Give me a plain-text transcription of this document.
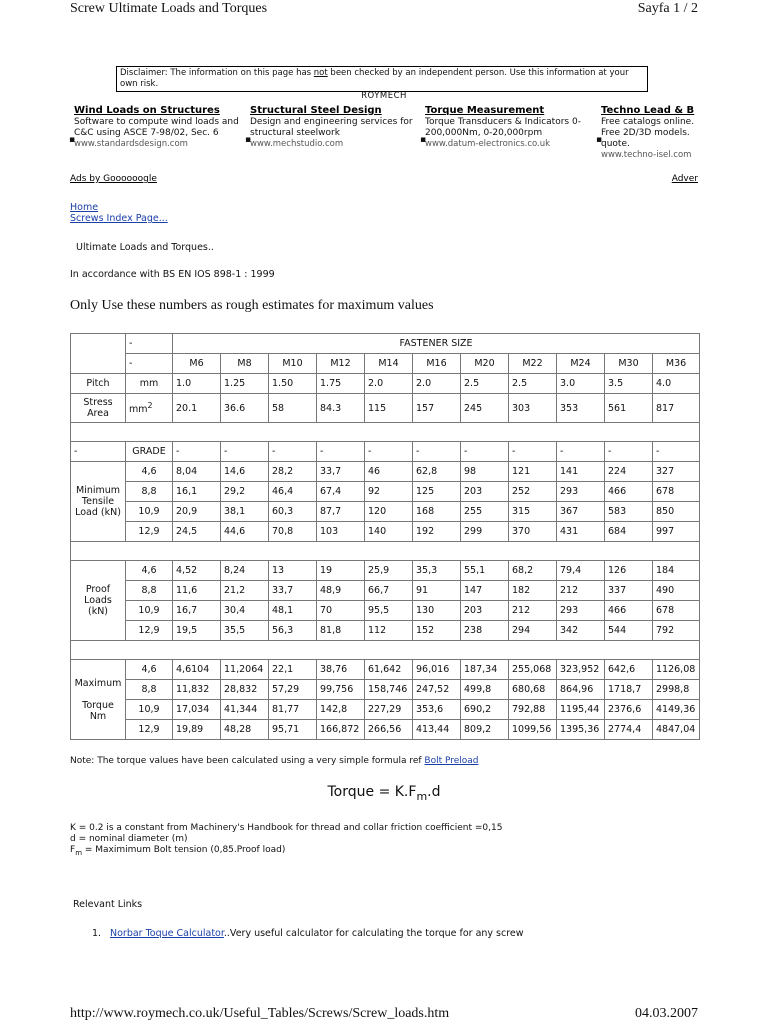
Screw Ultimate Loads and Torques	Sayfa 1 / 2
Disclaimer: The information on this page has not been checked by an independent person. Use this information at your own risk.
ROYMECH
▪
Wind Loads on Structures
Software to compute wind loads and C&C using ASCE 7-98/02, Sec. 6
www.standardsdesign.com	▪
Structural Steel Design
Design and engineering services for structural steelwork
www.mechstudio.com	▪
Torque Measurement
Torque Transducers & Indicators 0-200,000Nm, 0-20,000rpm
www.datum-electronics.co.uk	▪
Techno Lead & B
Free catalogs online. Free 2D/3D models. quote.
www.techno-isel.com
Ads by Goooooogle	Adver
Home
Screws Index Page...
Ultimate Loads and Torques..
In accordance with BS EN IOS 898-1 : 1999
Only Use these numbers as rough estimates for maximum values
	-	FASTENER SIZE										
	-	M6	M8	M10	M12	M14	M16	M20	M22	M24	M30	M36
Pitch	mm	1.0	1.25	1.50	1.75	2.0	2.0	2.5	2.5	3.0	3.5	4.0
Stress Area	$mm^2$	20.1	36.6	58	84.3	115	157	245	303	353	561	817

-	GRADE	-	-	-	-	-	-	-	-	-	-	-
Minimum Tensile Load (kN)	4,6	8,04	14,6	28,2	33,7	46	62,8	98	121	141	224	327
	8,8	16,1	29,2	46,4	67,4	92	125	203	252	293	466	678
	10,9	20,9	38,1	60,3	87,7	120	168	255	315	367	583	850
	12,9	24,5	44,6	70,8	103	140	192	299	370	431	684	997

Proof Loads (kN)	4,6	4,52	8,24	13	19	25,9	35,3	55,1	68,2	79,4	126	184
	8,8	11,6	21,2	33,7	48,9	66,7	91	147	182	212	337	490
	10,9	16,7	30,4	48,1	70	95,5	130	203	212	293	466	678
	12,9	19,5	35,5	56,3	81,8	112	152	238	294	342	544	792

Maximum
Torque Nm	4,6	4,6104	11,2064	22,1	38,76	61,642	96,016	187,34	255,068	323,952	642,6	1126,08
	8,8	11,832	28,832	57,29	99,756	158,746	247,52	499,8	680,68	864,96	1718,7	2998,8
	10,9	17,034	41,344	81,77	142,8	227,29	353,6	690,2	792,88	1195,44	2376,6	4149,36
	12,9	19,89	48,28	95,71	166,872	266,56	413,44	809,2	1099,56	1395,36	2774,4	4847,04
Note: The torque values have been calculated using a very simple formula ref Bolt Preload
Torque = $K.F_m.d$
K = 0.2 is a constant from Machinery's Handbook for thread and collar friction coefficient =0,15
d = nominal diameter (m)
$F_m$ = Maximimum Bolt tension (0,85.Proof load)
Relevant Links
1. Norbar Toque Calculator..Very useful calculator for calculating the torque for any screw
http://www.roymech.co.uk/Useful_Tables/Screws/Screw_loads.htm	04.03.2007
